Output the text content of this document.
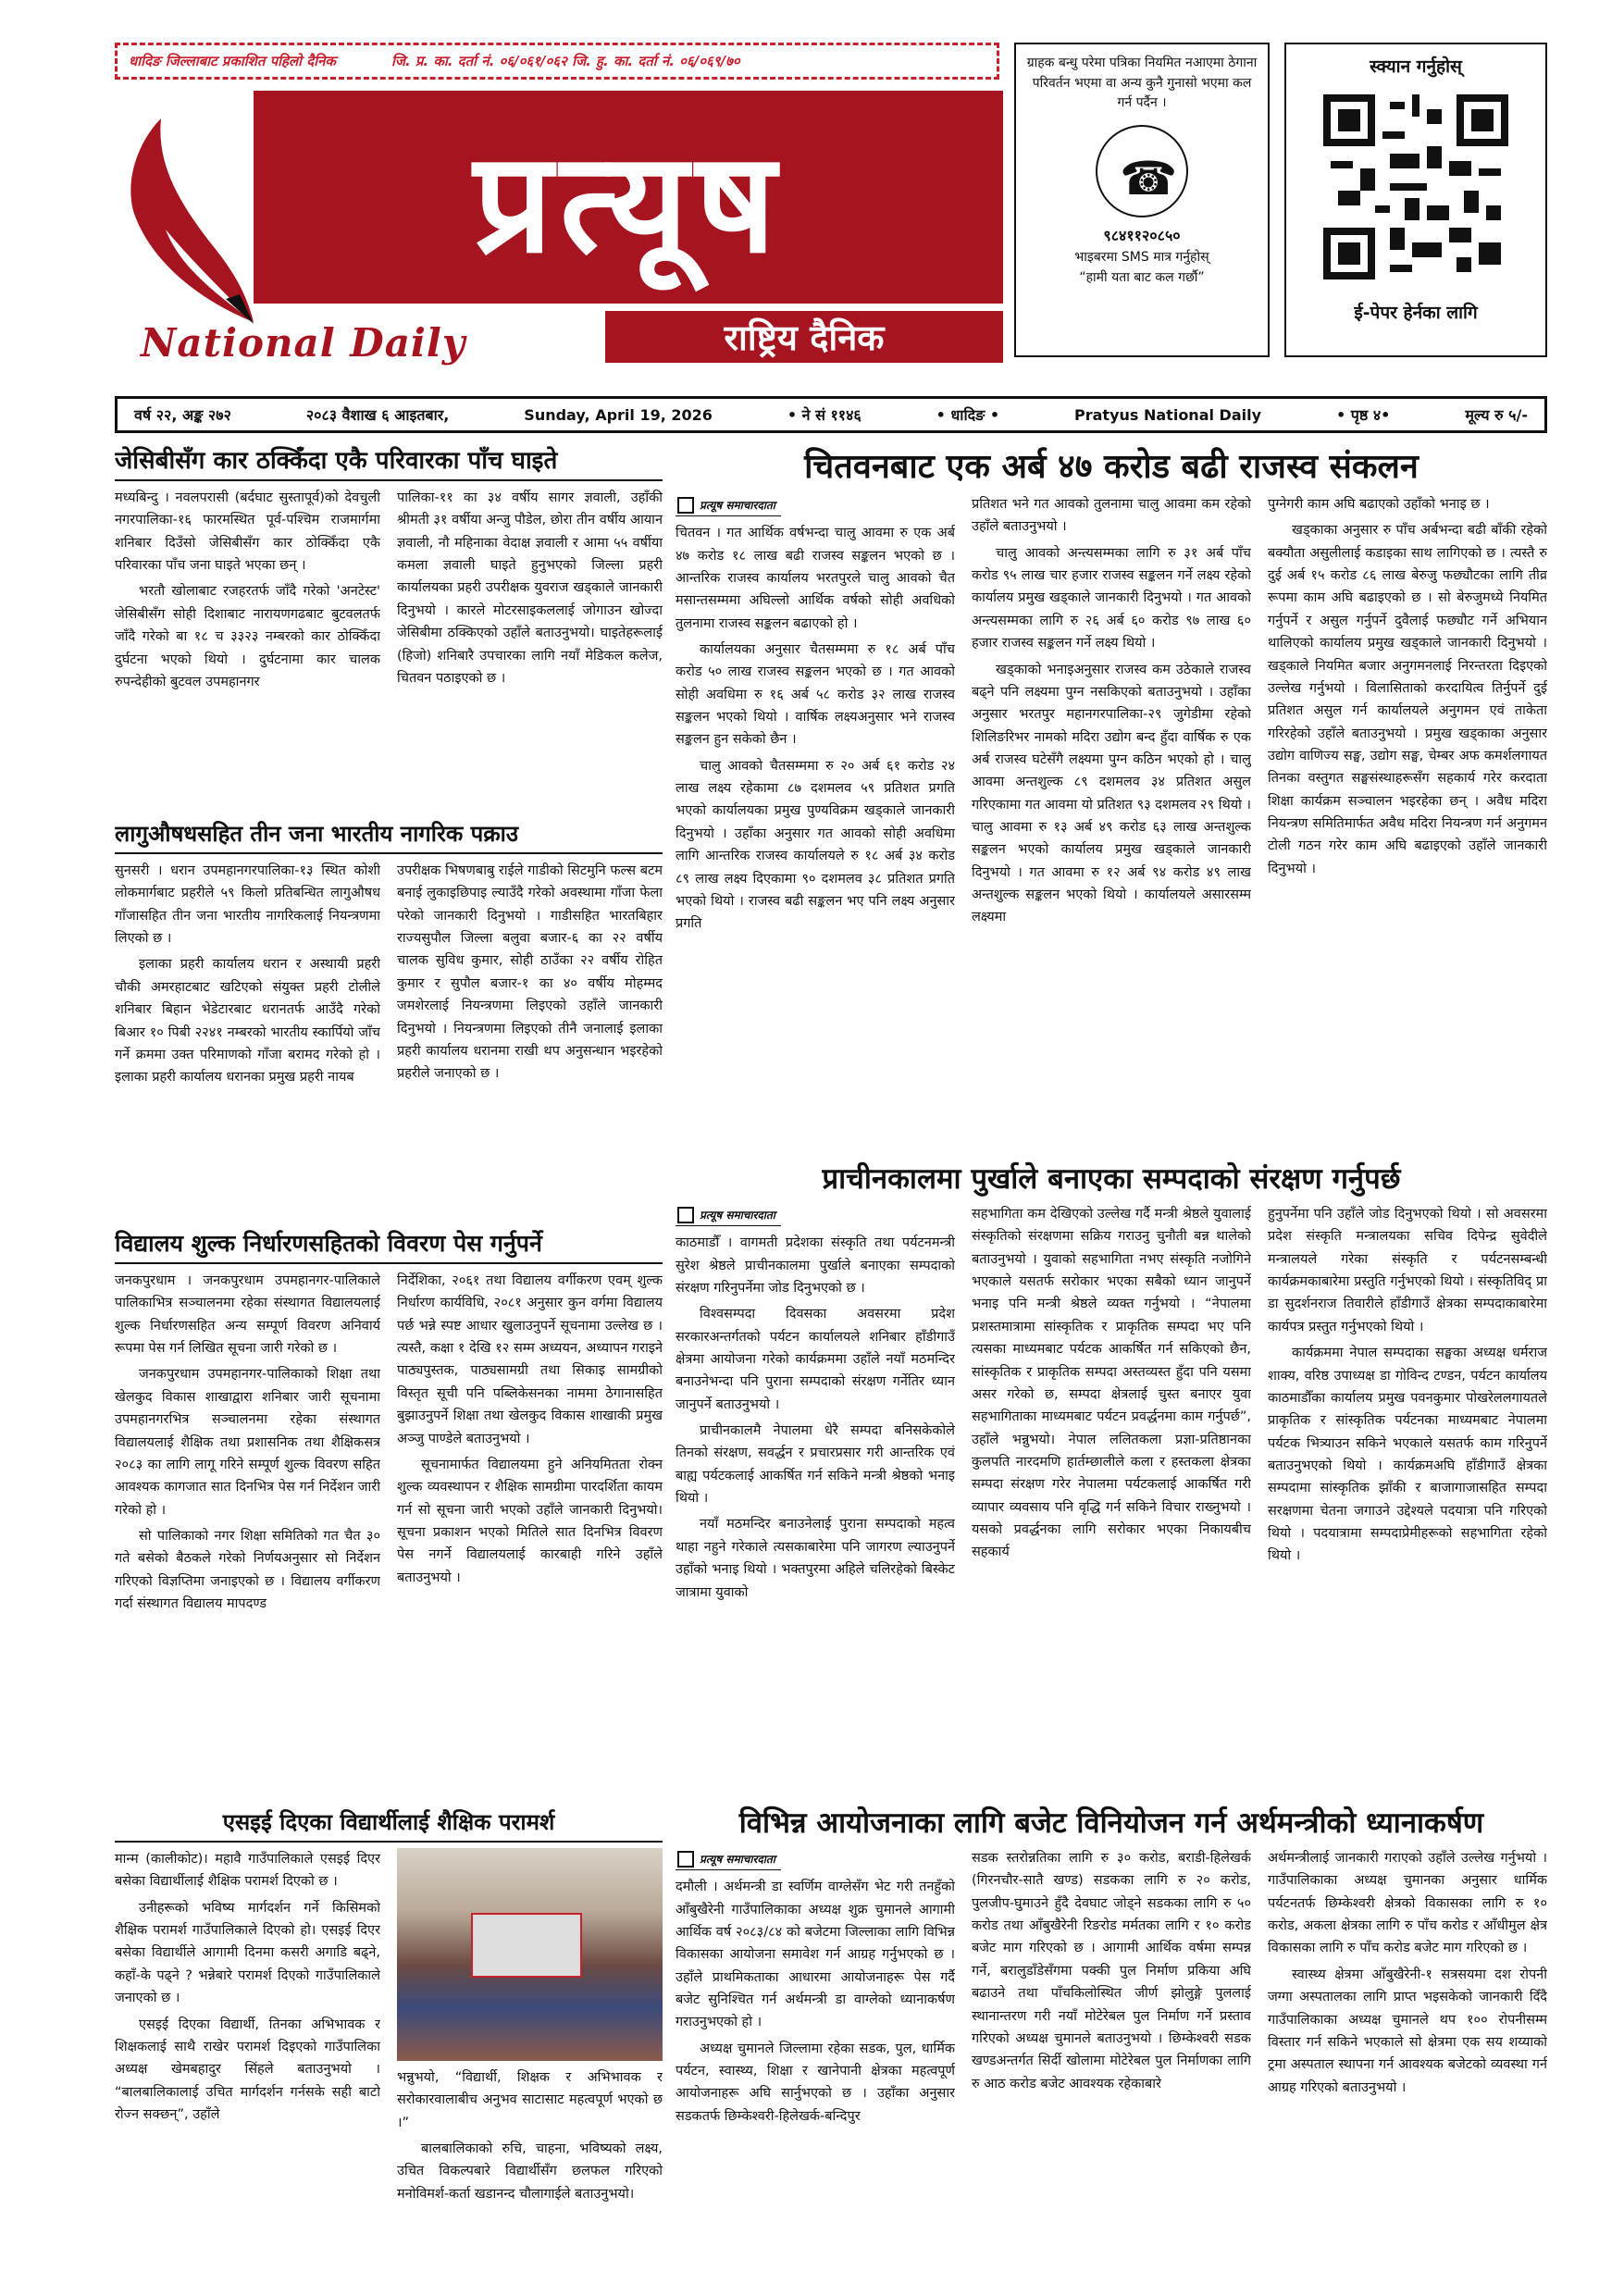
धादिङ जिल्लाबाट प्रकाशित पहिलो दैनिक	जि. प्र. का. दर्ता नं. ०६/०६१/०६२ जि. हु. का. दर्ता नं. ०६/०६९/७०
प्रत्यूष
National Daily	राष्ट्रिय दैनिक
ग्राहक बन्धु परेमा पत्रिका नियमित नआएमा ठेगाना परिवर्तन भएमा वा अन्य कुनै गुनासो भएमा कल गर्न पर्दैन ।
☎
९८४११२०८५०
भाइबरमा SMS मात्र गर्नुहोस्
“हामी यता बाट कल गर्छौ”
स्क्यान गर्नुहोस्
ई-पेपर हेर्नका लागि
वर्ष २२, अङ्क २७२	२०८३ वैशाख ६ आइतबार,	Sunday, April 19, 2026	• ने सं ११४६	• धादिङ •	Pratyus National Daily	• पृष्ठ ४•	मूल्य रु ५/-
जेसिबीसँग कार ठक्किँदा एकै परिवारका पाँच घाइते

मध्यबिन्दु । नवलपरासी (बर्दघाट सुस्तापूर्व)को देवचुली नगरपालिका-१६ फारमस्थित पूर्व-पश्चिम राजमार्गमा शनिबार दिउँसो जेसिबीसँग कार ठोक्किँदा एकै परिवारका पाँच जना घाइते भएका छन् ।

भरतौ खोलाबाट रजहरतर्फ जाँदै गरेको 'अनटेस्ट' जेसिबीसँग सोही दिशाबाट नारायणगढबाट बुटवलतर्फ जाँदै गरेको बा १८ च ३३२३ नम्बरको कार ठोक्किँदा दुर्घटना भएको थियो । दुर्घटनामा कार चालक रुपन्देहीको बुटवल उपमहानगर

पालिका-११ का ३४ वर्षीय सागर ज्ञवाली, उहाँकी श्रीमती ३१ वर्षीया अन्जु पौडेल, छोरा तीन वर्षीय आयान ज्ञवाली, नौ महिनाका वेदाक्ष ज्ञवाली र आमा ५५ वर्षीया कमला ज्ञवाली घाइते हुनुभएको जिल्ला प्रहरी कार्यालयका प्रहरी उपरीक्षक युवराज खड्काले जानकारी दिनुभयो । कारले मोटरसाइकललाई जोगाउन खोज्दा जेसिबीमा ठक्किएको उहाँले बताउनुभयो। घाइतेहरूलाई (हिजो) शनिबारै उपचारका लागि नयाँ मेडिकल कलेज, चितवन पठाइएको छ ।

लागुऔषधसहित तीन जना भारतीय नागरिक पक्राउ

सुनसरी । धरान उपमहानगरपालिका-१३ स्थित कोशी लोकमार्गबाट प्रहरीले ५९ किलो प्रतिबन्धित लागुऔषध गाँजासहित तीन जना भारतीय नागरिकलाई नियन्त्रणमा लिएको छ ।

इलाका प्रहरी कार्यालय धरान र अस्थायी प्रहरी चौकी अमरहाटबाट खटिएको संयुक्त प्रहरी टोलीले शनिबार बिहान भेडेटारबाट धरानतर्फ आउँदै गरेको बिआर १० पिबी २२४१ नम्बरको भारतीय स्कार्पियो जाँच गर्ने क्रममा उक्त परिमाणको गाँजा बरामद गरेको हो । इलाका प्रहरी कार्यालय धरानका प्रमुख प्रहरी नायब

उपरीक्षक भिषणबाबु राईले गाडीको सिटमुनि फल्स बटम बनाई लुकाइछिपाइ ल्याउँदै गरेको अवस्थामा गाँजा फेला परेको जानकारी दिनुभयो । गाडीसहित भारतबिहार राज्यसुपौल जिल्ला बलुवा बजार-६ का २२ वर्षीय चालक सुविध कुमार, सोही ठाउँका २२ वर्षीय रोहित कुमार र सुपौल बजार-१ का ४० वर्षीय मोहम्मद जमशेरलाई नियन्त्रणमा लिइएको उहाँले जानकारी दिनुभयो । नियन्त्रणमा लिइएको तीनै जनालाई इलाका प्रहरी कार्यालय धरानमा राखी थप अनुसन्धान भइरहेको प्रहरीले जनाएको छ ।

विद्यालय शुल्क निर्धारणसहितको विवरण पेस गर्नुपर्ने

जनकपुरधाम । जनकपुरधाम उपमहानगर-पालिकाले पालिकाभित्र सञ्चालनमा रहेका संस्थागत विद्यालयलाई शुल्क निर्धारणसहित अन्य सम्पूर्ण विवरण अनिवार्य रूपमा पेस गर्न लिखित सूचना जारी गरेको छ ।

जनकपुरधाम उपमहानगर-पालिकाको शिक्षा तथा खेलकुद विकास शाखाद्वारा शनिबार जारी सूचनामा उपमहानगरभित्र सञ्चालनमा रहेका संस्थागत विद्यालयलाई शैक्षिक तथा प्रशासनिक तथा शैक्षिकसत्र २०८३ का लागि लागू गरिने सम्पूर्ण शुल्क विवरण सहित आवश्यक कागजात सात दिनभित्र पेस गर्न निर्देशन जारी गरेको हो ।

सो पालिकाको नगर शिक्षा समितिको गत चैत ३० गते बसेको बैठकले गरेको निर्णयअनुसार सो निर्देशन गरिएको विज्ञप्तिमा जनाइएको छ । विद्यालय वर्गीकरण गर्दा संस्थागत विद्यालय मापदण्ड

निर्देशिका, २०६१ तथा विद्यालय वर्गीकरण एवम् शुल्क निर्धारण कार्यविधि, २०८१ अनुसार कुन वर्गमा विद्यालय पर्छ भन्ने स्पष्ट आधार खुलाउनुपर्ने सूचनामा उल्लेख छ । त्यस्तै, कक्षा १ देखि १२ सम्म अध्ययन, अध्यापन गराइने पाठ्यपुस्तक, पाठ्यसामग्री तथा सिकाइ सामग्रीको विस्तृत सूची पनि पब्लिकेसनका नाममा ठेगानासहित बुझाउनुपर्ने शिक्षा तथा खेलकुद विकास शाखाकी प्रमुख अञ्जु पाण्डेले बताउनुभयो ।

सूचनामार्फत विद्यालयमा हुने अनियमितता रोक्न शुल्क व्यवस्थापन र शैक्षिक सामग्रीमा पारदर्शिता कायम गर्न सो सूचना जारी भएको उहाँले जानकारी दिनुभयो। सूचना प्रकाशन भएको मितिले सात दिनभित्र विवरण पेस नगर्ने विद्यालयलाई कारबाही गरिने उहाँले बताउनुभयो ।

एसइई दिएका विद्यार्थीलाई शैक्षिक परामर्श

मान्म (कालीकोट)। महावै गाउँपालिकाले एसइई दिएर बसेका विद्यार्थीलाई शैक्षिक परामर्श दिएको छ ।

उनीहरूको भविष्य मार्गदर्शन गर्ने किसिमको शैक्षिक परामर्श गाउँपालिकाले दिएको हो। एसइई दिएर बसेका विद्यार्थीले आगामी दिनमा कसरी अगाडि बढ्ने, कहाँ-के पढ्ने ? भन्नेबारे परामर्श दिएको गाउँपालिकाले जनाएको छ ।

एसइई दिएका विद्यार्थी, तिनका अभिभावक र शिक्षकलाई साथै राखेर परामर्श दिइएको गाउँपालिका अध्यक्ष खेमबहादुर सिंहले बताउनुभयो । “बालबालिकालाई उचित मार्गदर्शन गर्नसके सही बाटो रोज्न सक्छन्”, उहाँले

भन्नुभयो, “विद्यार्थी, शिक्षक र अभिभावक र सरोकारवालाबीच अनुभव साटासाट महत्वपूर्ण भएको छ ।”

बालबालिकाको रुचि, चाहना, भविष्यको लक्ष्य, उचित विकल्पबारे विद्यार्थीसँग छलफल गरिएको मनोविमर्श-कर्ता खडानन्द चौलागाईले बताउनुभयो।

चितवनबाट एक अर्ब ४७ करोड बढी राजस्व संकलन
प्रत्यूष समाचारदाता

चितवन । गत आर्थिक वर्षभन्दा चालु आवमा रु एक अर्ब ४७ करोड १८ लाख बढी राजस्व सङ्कलन भएको छ । आन्तरिक राजस्व कार्यालय भरतपुरले चालु आवको चैत मसान्तसम्ममा अघिल्लो आर्थिक वर्षको सोही अवधिको तुलनामा राजस्व सङ्कलन बढाएको हो ।

कार्यालयका अनुसार चैतसम्ममा रु १८ अर्ब पाँच करोड ५० लाख राजस्व सङ्कलन भएको छ । गत आवको सोही अवधिमा रु १६ अर्ब ५८ करोड ३२ लाख राजस्व सङ्कलन भएको थियो । वार्षिक लक्ष्यअनुसार भने राजस्व सङ्कलन हुन सकेको छैन ।

चालु आवको चैतसम्ममा रु २० अर्ब ६१ करोड २४ लाख लक्ष्य रहेकामा ८७ दशमलव ५९ प्रतिशत प्रगति भएको कार्यालयका प्रमुख पुण्यविक्रम खड्काले जानकारी दिनुभयो । उहाँका अनुसार गत आवको सोही अवधिमा लागि आन्तरिक राजस्व कार्यालयले रु १८ अर्ब ३४ करोड ८९ लाख लक्ष्य दिएकामा ९० दशमलव ३८ प्रतिशत प्रगति भएको थियो । राजस्व बढी सङ्कलन भए पनि लक्ष्य अनुसार प्रगति

प्रतिशत भने गत आवको तुलनामा चालु आवमा कम रहेको उहाँले बताउनुभयो ।

चालु आवको अन्त्यसम्मका लागि रु ३१ अर्ब पाँच करोड ९५ लाख चार हजार राजस्व सङ्कलन गर्ने लक्ष्य रहेको कार्यालय प्रमुख खड्काले जानकारी दिनुभयो । गत आवको अन्त्यसम्मका लागि रु २६ अर्ब ६० करोड ९७ लाख ६० हजार राजस्व सङ्कलन गर्ने लक्ष्य थियो ।

खड्काको भनाइअनुसार राजस्व कम उठेकाले राजस्व बढ्ने पनि लक्ष्यमा पुग्न नसकिएको बताउनुभयो । उहाँका अनुसार भरतपुर महानगरपालिका-२९ जुगेडीमा रहेको शिलिङरिभर नामको मदिरा उद्योग बन्द हुँदा वार्षिक रु एक अर्ब राजस्व घटेसँगै लक्ष्यमा पुग्न कठिन भएको हो । चालु आवमा अन्तशुल्क ८९ दशमलव ३४ प्रतिशत असुल गरिएकामा गत आवमा यो प्रतिशत ९३ दशमलव २९ थियो । चालु आवमा रु १३ अर्ब ४९ करोड ६३ लाख अन्तशुल्क सङ्कलन भएको कार्यालय प्रमुख खड्काले जानकारी दिनुभयो । गत आवमा रु १२ अर्ब ९४ करोड ४९ लाख अन्तशुल्क सङ्कलन भएको थियो । कार्यालयले असारसम्म लक्ष्यमा

पुग्नेगरी काम अघि बढाएको उहाँको भनाइ छ ।

खड्काका अनुसार रु पाँच अर्बभन्दा बढी बाँकी रहेको बक्यौता असुलीलाई कडाइका साथ लागिएको छ । त्यस्तै रु दुई अर्ब १५ करोड ८६ लाख बेरुजु फछ्यौटका लागि तीव्र रूपमा काम अघि बढाइएको छ । सो बेरुजुमध्ये नियमित गर्नुपर्ने र असुल गर्नुपर्ने दुवैलाई फछ्यौट गर्ने अभियान थालिएको कार्यालय प्रमुख खड्काले जानकारी दिनुभयो । खड्काले नियमित बजार अनुगमनलाई निरन्तरता दिइएको उल्लेख गर्नुभयो । विलासिताको करदायित्व तिर्नुपर्ने दुई प्रतिशत असुल गर्न कार्यालयले अनुगमन एवं ताकेता गरिरहेको उहाँले बताउनुभयो । प्रमुख खड्काका अनुसार उद्योग वाणिज्य सङ्घ, उद्योग सङ्घ, चेम्बर अफ कमर्शलगायत तिनका वस्तुगत सङ्घसंस्थाहरूसँग सहकार्य गरेर करदाता शिक्षा कार्यक्रम सञ्चालन भइरहेका छन् । अवैध मदिरा नियन्त्रण समितिमार्फत अवैध मदिरा नियन्त्रण गर्न अनुगमन टोली गठन गरेर काम अघि बढाइएको उहाँले जानकारी दिनुभयो ।

प्राचीनकालमा पुर्खाले बनाएका सम्पदाको संरक्षण गर्नुपर्छ
प्रत्यूष समाचारदाता

काठमाडौँ । वागमती प्रदेशका संस्कृति तथा पर्यटनमन्त्री सुरेश श्रेष्ठले प्राचीनकालमा पुर्खाले बनाएका सम्पदाको संरक्षण गरिनुपर्नेमा जोड दिनुभएको छ ।

विश्वसम्पदा दिवसका अवसरमा प्रदेश सरकारअन्तर्गतको पर्यटन कार्यालयले शनिबार हाँडीगाउँ क्षेत्रमा आयोजना गरेको कार्यक्रममा उहाँले नयाँ मठमन्दिर बनाउनेभन्दा पनि पुराना सम्पदाको संरक्षण गर्नेतिर ध्यान जानुपर्ने बताउनुभयो ।

प्राचीनकालमै नेपालमा धेरै सम्पदा बनिसकेकोले तिनको संरक्षण, सवर्द्धन र प्रचारप्रसार गरी आन्तरिक एवं बाह्य पर्यटकलाई आकर्षित गर्न सकिने मन्त्री श्रेष्ठको भनाइ थियो ।

नयाँ मठमन्दिर बनाउनेलाई पुराना सम्पदाको महत्व थाहा नहुने गरेकाले त्यसकाबारेमा पनि जागरण ल्याउनुपर्ने उहाँको भनाइ थियो । भक्तपुरमा अहिले चलिरहेको बिस्केट जात्रामा युवाको

सहभागिता कम देखिएको उल्लेख गर्दै मन्त्री श्रेष्ठले युवालाई संस्कृतिको संरक्षणमा सक्रिय गराउनु चुनौती बन्न थालेको बताउनुभयो । युवाको सहभागिता नभए संस्कृति नजोगिने भएकाले यसतर्फ सरोकार भएका सबैको ध्यान जानुपर्ने भनाइ पनि मन्त्री श्रेष्ठले व्यक्त गर्नुभयो । “नेपालमा प्रशस्तमात्रामा सांस्कृतिक र प्राकृतिक सम्पदा भए पनि त्यसका माध्यमबाट पर्यटक आकर्षित गर्न सकिएको छैन, सांस्कृतिक र प्राकृतिक सम्पदा अस्तव्यस्त हुँदा पनि यसमा असर गरेको छ, सम्पदा क्षेत्रलाई चुस्त बनाएर युवा सहभागिताका माध्यमबाट पर्यटन प्रवर्द्धनमा काम गर्नुपर्छ”, उहाँले भन्नुभयो। नेपाल ललितकला प्रज्ञा-प्रतिष्ठानका कुलपति नारदमणि हार्तम्छालीले कला र हस्तकला क्षेत्रका सम्पदा संरक्षण गरेर नेपालमा पर्यटकलाई आकर्षित गरी व्यापार व्यवसाय पनि वृद्धि गर्न सकिने विचार राख्नुभयो । यसको प्रवर्द्धनका लागि सरोकार भएका निकायबीच सहकार्य

हुनुपर्नेमा पनि उहाँले जोड दिनुभएको थियो । सो अवसरमा प्रदेश संस्कृति मन्त्रालयका सचिव दिपेन्द्र सुवेदीले मन्त्रालयले गरेका संस्कृति र पर्यटनसम्बन्धी कार्यक्रमकाबारेमा प्रस्तुति गर्नुभएको थियो । संस्कृतिविद् प्रा डा सुदर्शनराज तिवारीले हाँडीगाउँ क्षेत्रका सम्पदाकाबारेमा कार्यपत्र प्रस्तुत गर्नुभएको थियो ।

कार्यक्रममा नेपाल सम्पदाका सङ्घका अध्यक्ष धर्मराज शाक्य, वरिष्ठ उपाध्यक्ष डा गोविन्द टण्डन, पर्यटन कार्यालय काठमाडौँका कार्यालय प्रमुख पवनकुमार पोखरेललगायतले प्राकृतिक र सांस्कृतिक पर्यटनका माध्यमबाट नेपालमा पर्यटक भित्र्याउन सकिने भएकाले यसतर्फ काम गरिनुपर्ने बताउनुभएको थियो । कार्यक्रमअघि हाँडीगाउँ क्षेत्रका सम्पदामा सांस्कृतिक झाँकी र बाजागाजासहित सम्पदा सरक्षणमा चेतना जगाउने उद्देश्यले पदयात्रा पनि गरिएको थियो । पदयात्रामा सम्पदाप्रेमीहरूको सहभागिता रहेको थियो ।

विभिन्न आयोजनाका लागि बजेट विनियोजन गर्न अर्थमन्त्रीको ध्यानाकर्षण
प्रत्यूष समाचारदाता

दमौली । अर्थमन्त्री डा स्वर्णिम वाग्लेसँग भेट गरी तनहुँको आँबुखैरेनी गाउँपालिकाका अध्यक्ष शुक्र चुमानले आगामी आर्थिक वर्ष २०८३/८४ को बजेटमा जिल्लाका लागि विभिन्न विकासका आयोजना समावेश गर्न आग्रह गर्नुभएको छ । उहाँले प्राथमिकताका आधारमा आयोजनाहरू पेस गर्दै बजेट सुनिश्चित गर्न अर्थमन्त्री डा वाग्लेको ध्यानाकर्षण गराउनुभएको हो ।

अध्यक्ष चुमानले जिल्लामा रहेका सडक, पुल, धार्मिक पर्यटन, स्वास्थ्य, शिक्षा र खानेपानी क्षेत्रका महत्वपूर्ण आयोजनाहरू अघि सार्नुभएको छ । उहाँका अनुसार सडकतर्फ छिम्केश्वरी-हिलेखर्क-बन्दिपुर

सडक स्तरोन्नतिका लागि रु ३० करोड, बराडी-हिलेखर्क (गिरनचौर-सातै खण्ड) सडकका लागि रु २० करोड, पुलजीप-घुमाउने हुँदै देवघाट जोड्ने सडकका लागि रु ५० करोड तथा आँबुखैरेनी रिङरोड मर्मतका लागि र १० करोड बजेट माग गरिएको छ । आगामी आर्थिक वर्षमा सम्पन्न गर्ने, बरालुडाँडेसँगमा पक्की पुल निर्माण प्रकिया अघि बढाउने तथा पाँचकिलोस्थित जीर्ण झोलुङ्गे पुललाई स्थानान्तरण गरी नयाँ मोटेरेबल पुल निर्माण गर्ने प्रस्ताव गरिएको अध्यक्ष चुमानले बताउनुभयो । छिम्केश्वरी सडक खण्डअन्तर्गत सिर्दी खोलामा मोटेरेबल पुल निर्माणका लागि रु आठ करोड बजेट आवश्यक रहेकाबारे

अर्थमन्त्रीलाई जानकारी गराएको उहाँले उल्लेख गर्नुभयो । गाउँपालिकाका अध्यक्ष चुमानका अनुसार धार्मिक पर्यटनतर्फ छिम्केश्वरी क्षेत्रको विकासका लागि रु १० करोड, अकला क्षेत्रका लागि रु पाँच करोड र आँधीमुल क्षेत्र विकासका लागि रु पाँच करोड बजेट माग गरिएको छ ।

स्वास्थ्य क्षेत्रमा आँबुखैरेनी-१ सत्रसयमा दश रोपनी जग्गा अस्पतालका लागि प्राप्त भइसकेको जानकारी दिँदै गाउँपालिकाका अध्यक्ष चुमानले थप १०० रोपनीसम्म विस्तार गर्न सकिने भएकाले सो क्षेत्रमा एक सय शय्याको ट्रमा अस्पताल स्थापना गर्न आवश्यक बजेटको व्यवस्था गर्न आग्रह गरिएको बताउनुभयो ।
